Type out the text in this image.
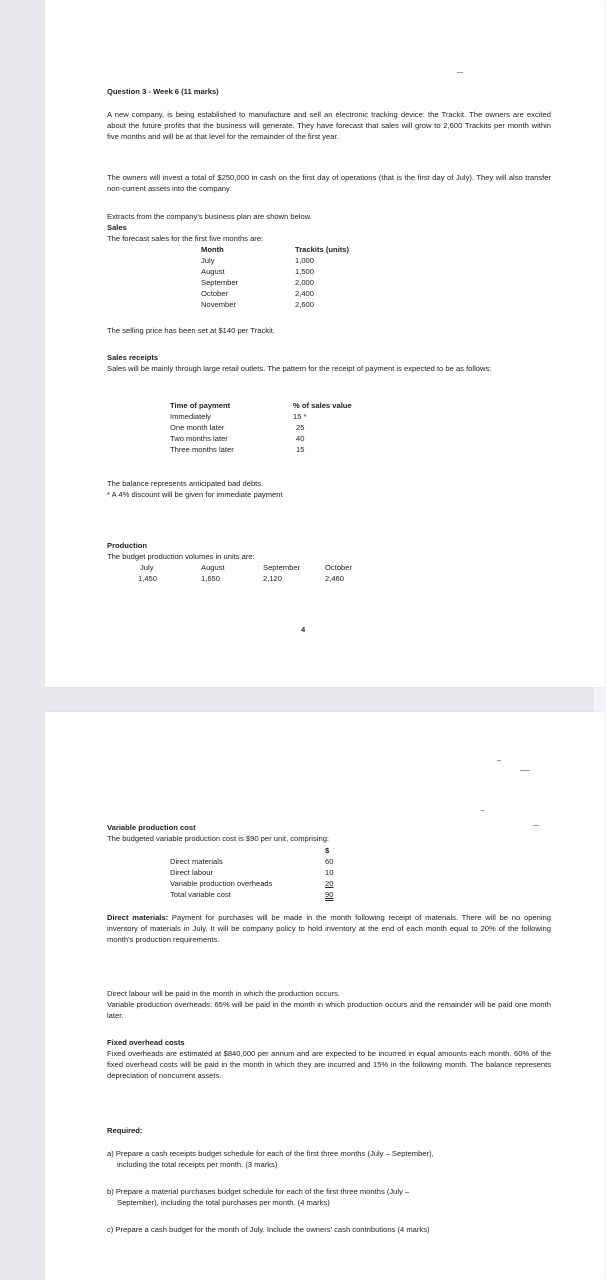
Question 3 - Week 6 (11 marks)

A new company, is being established to manufacture and sell an electronic tracking device: the Trackit. The owners are excited about the future profits that the business will generate. They have forecast that sales will grow to 2,600 Trackits per month within five months and will be at that level for the remainder of the first year.

The owners will invest a total of $250,000 in cash on the first day of operations (that is the first day of July). They will also transfer non-current assets into the company.

Extracts from the company's business plan are shown below.

Sales

The forecast sales for the first five months are:

Month	Trackits (units)
July	1,000
August	1,500
September	2,000
October	2,400
November	2,600

The selling price has been set at $140 per Trackit.

Sales receipts

Sales will be mainly through large retail outlets. The pattern for the receipt of payment is expected to be as follows:

Time of payment	% of sales value
Immediately	15 *
One month later	25
Two months later	40
Three months later	15

The balance represents anticipated bad debts.

* A 4% discount will be given for immediate payment

Production

The budget production volumes in units are:

July	August	September	October
1,450	1,650	2,120	2,460
4

Variable production cost

The budgeted variable production cost is $90 per unit, comprising:

$
Direct materials	60
Direct labour	10
Variable production overheads	20
Total variable cost	90

Direct materials: Payment for purchases will be made in the month following receipt of materials. There will be no opening inventory of materials in July. It will be company policy to hold inventory at the end of each month equal to 20% of the following month's production requirements.

Direct labour will be paid in the month in which the production occurs.

Variable production overheads: 65% will be paid in the month in which production occurs and the remainder will be paid one month later.

Fixed overhead costs

Fixed overheads are estimated at $840,000 per annum and are expected to be incurred in equal amounts each month. 60% of the fixed overhead costs will be paid in the month in which they are incurred and 15% in the following month. The balance represents depreciation of noncurrent assets.

Required:

a) Prepare a cash receipts budget schedule for each of the first three months (July – September), including the total receipts per month. (3 marks)

b) Prepare a material purchases budget schedule for each of the first three months (July – September), including the total purchases per month. (4 marks)

c) Prepare a cash budget for the month of July. Include the owners' cash contributions (4 marks)
